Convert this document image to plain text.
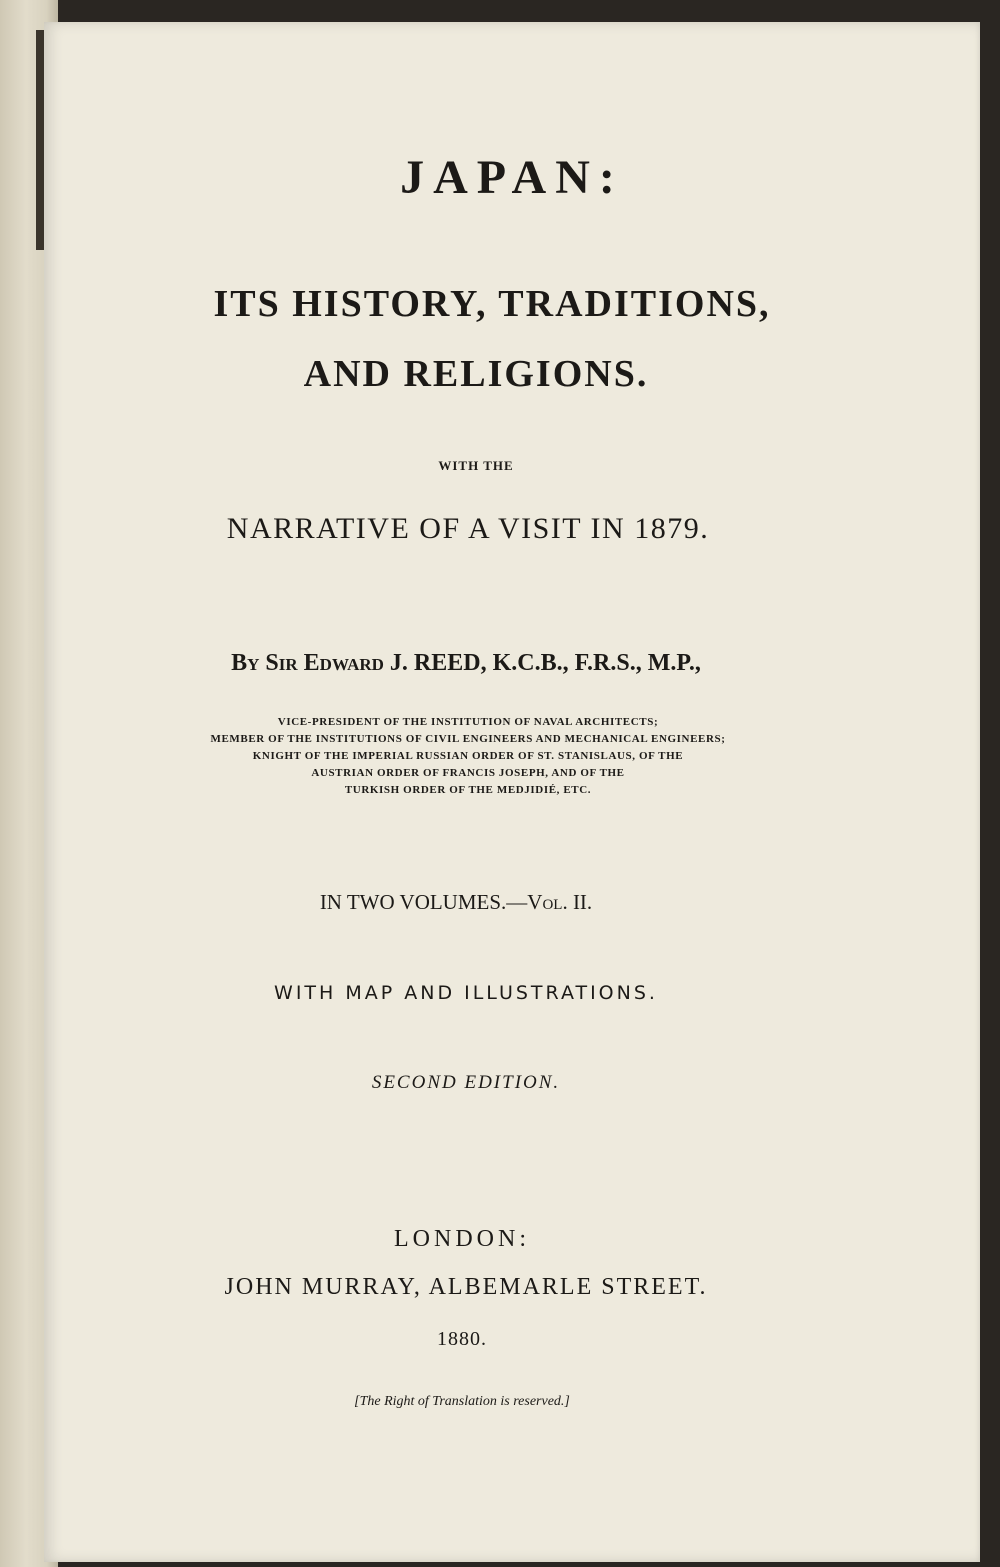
JAPAN:

ITS HISTORY, TRADITIONS,

AND RELIGIONS.

WITH THE

NARRATIVE OF A VISIT IN 1879.

By Sir Edward J. REED, K.C.B., F.R.S., M.P.,

VICE-PRESIDENT OF THE INSTITUTION OF NAVAL ARCHITECTS;
MEMBER OF THE INSTITUTIONS OF CIVIL ENGINEERS AND MECHANICAL ENGINEERS;
KNIGHT OF THE IMPERIAL RUSSIAN ORDER OF ST. STANISLAUS, OF THE
AUSTRIAN ORDER OF FRANCIS JOSEPH, AND OF THE
TURKISH ORDER OF THE MEDJIDIÉ, ETC.

IN TWO VOLUMES.—Vol. II.

WITH MAP AND ILLUSTRATIONS.

SECOND EDITION.

LONDON:

JOHN MURRAY, ALBEMARLE STREET.

1880.

[The Right of Translation is reserved.]
